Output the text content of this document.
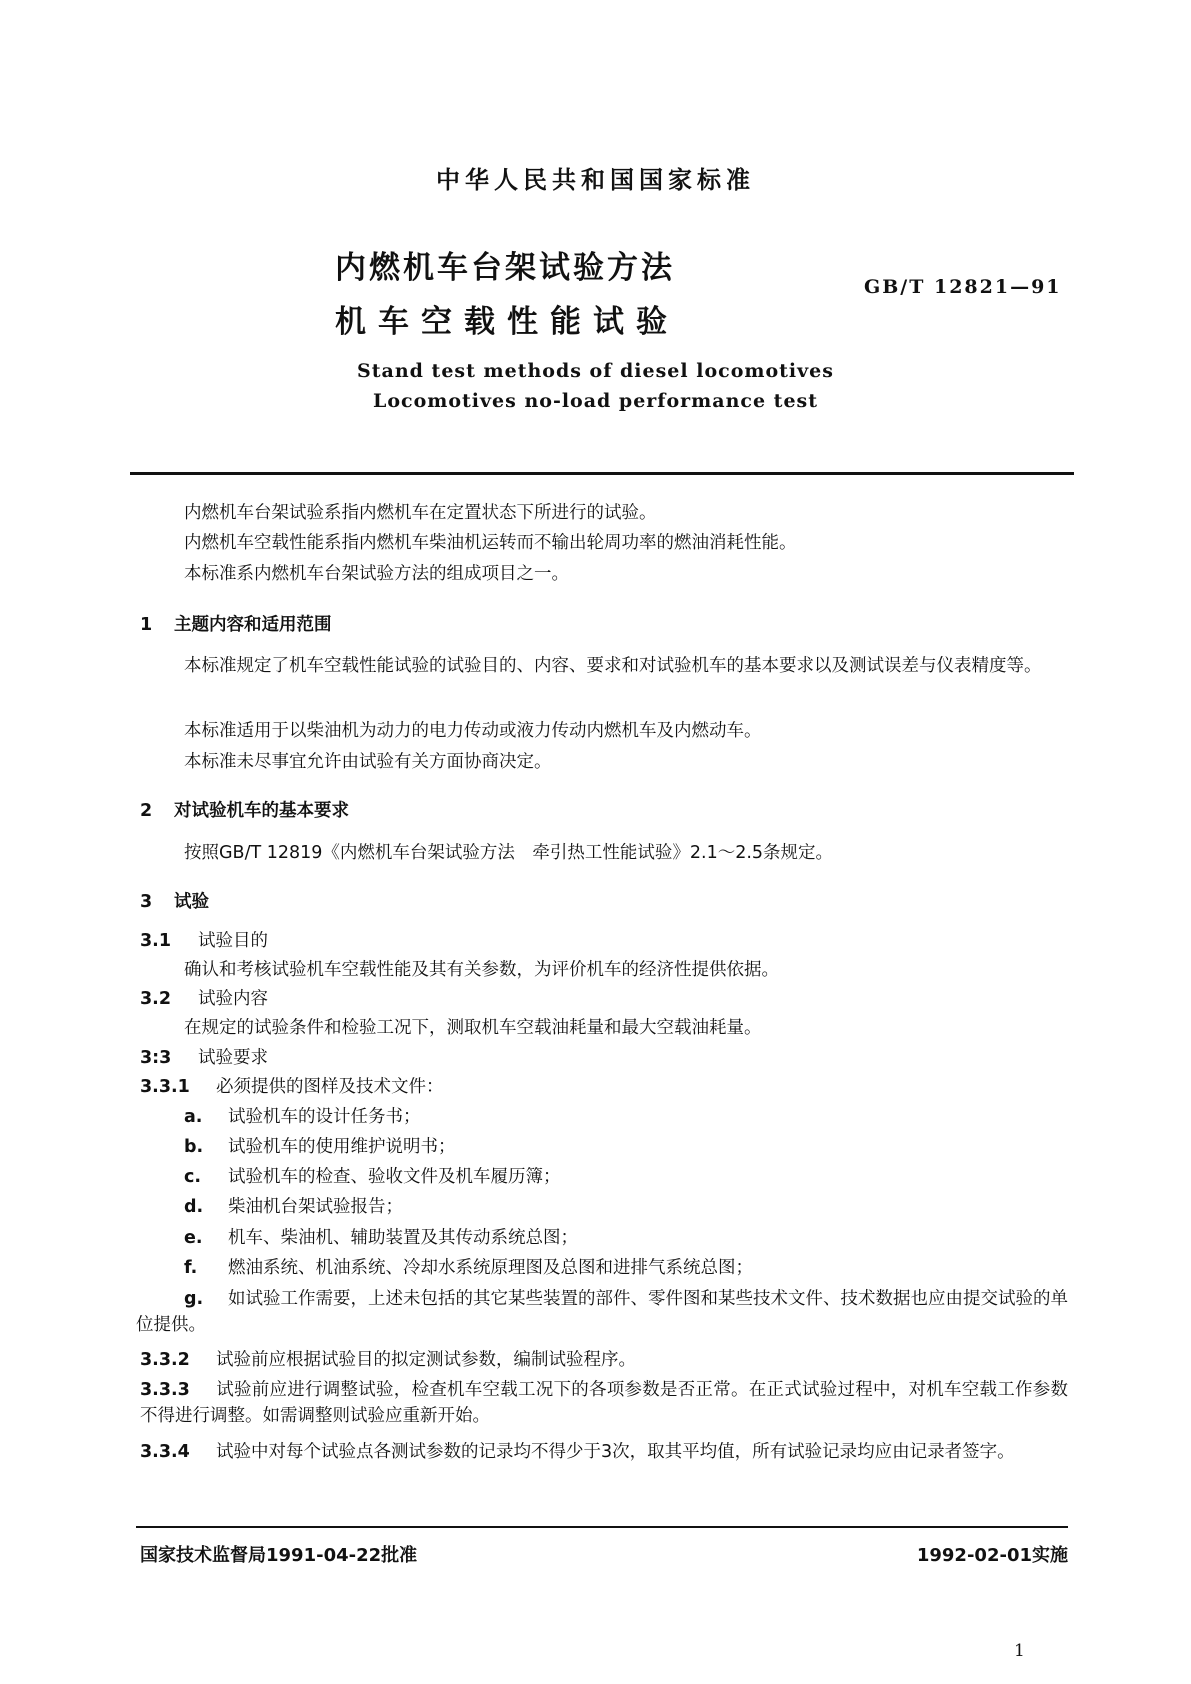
中华人民共和国国家标准
内燃机车台架试验方法
机车空载性能试验
GB/T 12821—91
Stand test methods of diesel locomotives
Locomotives no-load performance test
内燃机车台架试验系指内燃机车在定置状态下所进行的试验。
内燃机车空载性能系指内燃机车柴油机运转而不输出轮周功率的燃油消耗性能。
本标准系内燃机车台架试验方法的组成项目之一。
1 主题内容和适用范围
本标准规定了机车空载性能试验的试验目的、内容、要求和对试验机车的基本要求以及测试误差与仪表精度等。
本标准适用于以柴油机为动力的电力传动或液力传动内燃机车及内燃动车。
本标准未尽事宜允许由试验有关方面协商决定。
2 对试验机车的基本要求
按照GB/T 12819《内燃机车台架试验方法　牵引热工性能试验》2.1～2.5条规定。
3 试验
3.1 试验目的
确认和考核试验机车空载性能及其有关参数，为评价机车的经济性提供依据。
3.2 试验内容
在规定的试验条件和检验工况下，测取机车空载油耗量和最大空载油耗量。
3:3 试验要求
3.3.1 必须提供的图样及技术文件：
a. 试验机车的设计任务书；
b. 试验机车的使用维护说明书；
c. 试验机车的检查、验收文件及机车履历簿；
d. 柴油机台架试验报告；
e. 机车、柴油机、辅助装置及其传动系统总图；
f. 燃油系统、机油系统、冷却水系统原理图及总图和进排气系统总图；
g. 如试验工作需要，上述未包括的其它某些装置的部件、零件图和某些技术文件、技术数据也应由提交试验的单位提供。
3.3.2 试验前应根据试验目的拟定测试参数，编制试验程序。
3.3.3 试验前应进行调整试验，检查机车空载工况下的各项参数是否正常。在正式试验过程中，对机车空载工作参数不得进行调整。如需调整则试验应重新开始。
3.3.4 试验中对每个试验点各测试参数的记录均不得少于3次，取其平均值，所有试验记录均应由记录者签字。
国家技术监督局1991-04-22批准	1992-02-01实施
1
